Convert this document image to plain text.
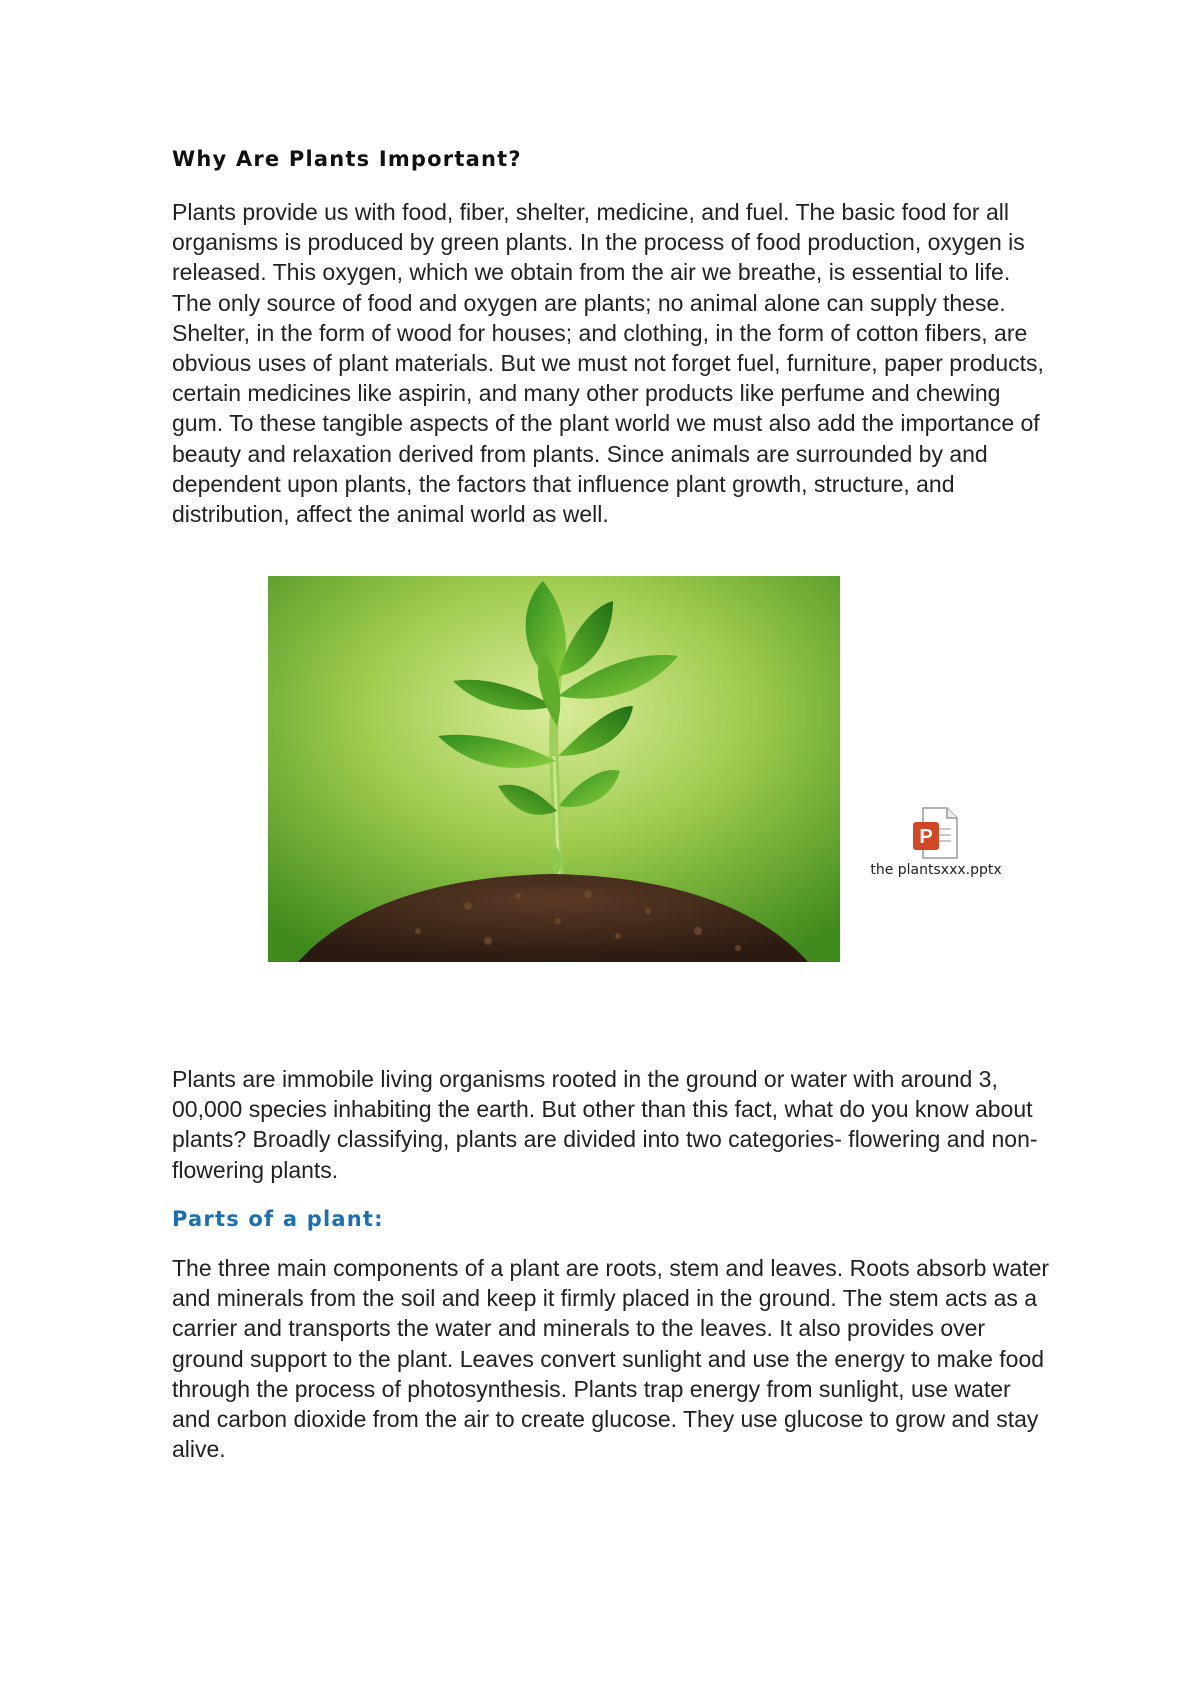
Why Are Plants Important?

Plants provide us with food, fiber, shelter, medicine, and fuel. The basic food for all organisms is produced by green plants. In the process of food production, oxygen is released. This oxygen, which we obtain from the air we breathe, is essential to life. The only source of food and oxygen are plants; no animal alone can supply these. Shelter, in the form of wood for houses; and clothing, in the form of cotton fibers, are obvious uses of plant materials. But we must not forget fuel, furniture, paper products, certain medicines like aspirin, and many other products like perfume and chewing gum. To these tangible aspects of the plant world we must also add the importance of beauty and relaxation derived from plants. Since animals are surrounded by and dependent upon plants, the factors that influence plant growth, structure, and distribution, affect the animal world as well.

P
the plantsxxx.pptx

Plants are immobile living organisms rooted in the ground or water with around 3, 00,000 species inhabiting the earth. But other than this fact, what do you know about plants? Broadly classifying, plants are divided into two categories- flowering and non-flowering plants.

Parts of a plant:

The three main components of a plant are roots, stem and leaves. Roots absorb water and minerals from the soil and keep it firmly placed in the ground. The stem acts as a carrier and transports the water and minerals to the leaves. It also provides over ground support to the plant. Leaves convert sunlight and use the energy to make food through the process of photosynthesis. Plants trap energy from sunlight, use water and carbon dioxide from the air to create glucose. They use glucose to grow and stay alive.
